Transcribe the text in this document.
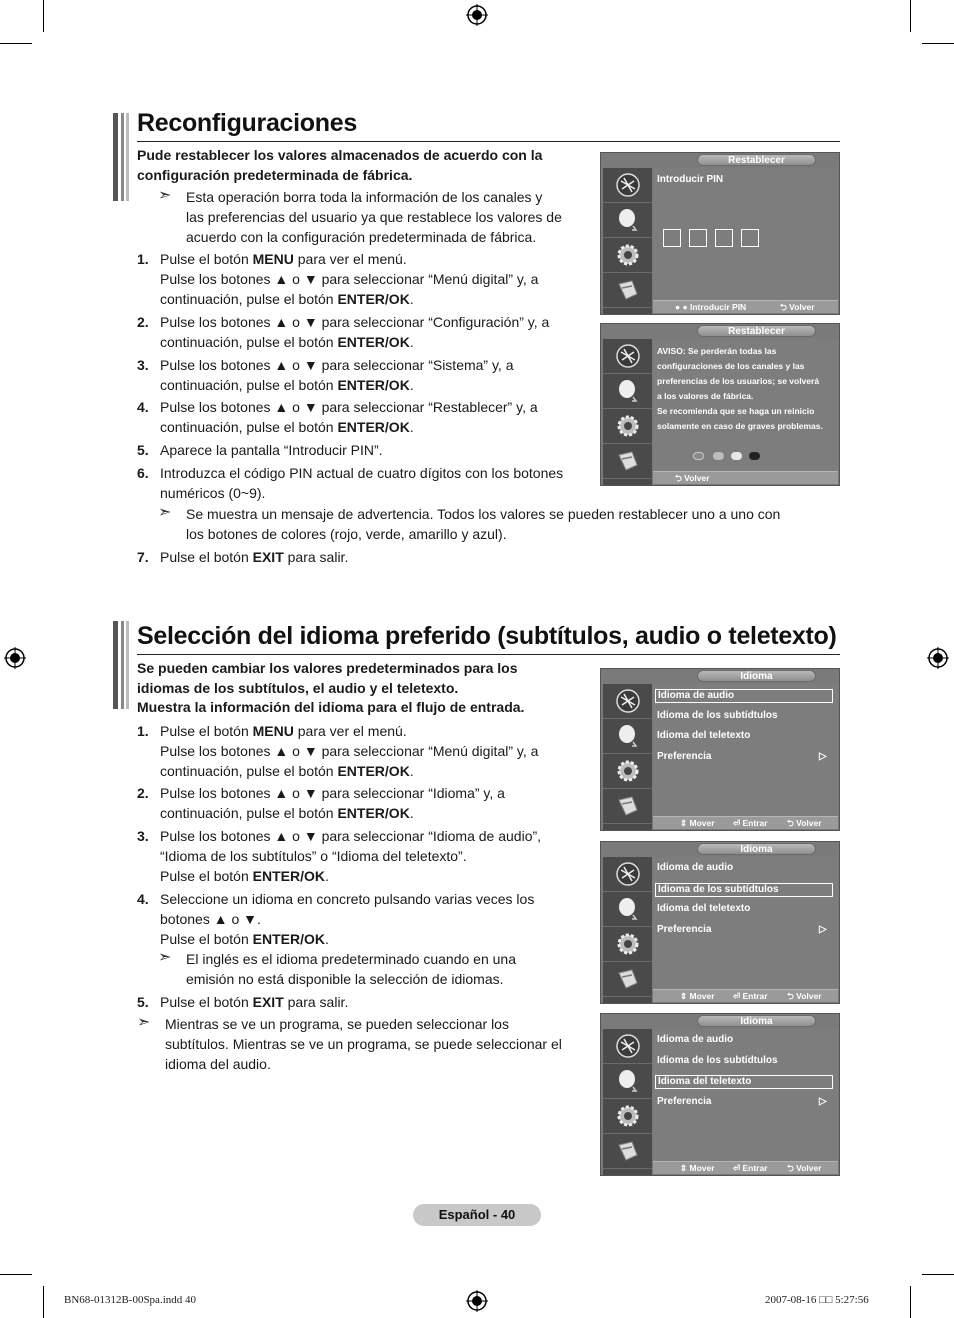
Reconfiguraciones
Pude restablecer los valores almacenados de acuerdo con la
configuración predeterminada de fábrica.
➣ Esta operación borra toda la información de los canales y
las preferencias del usuario ya que restablece los valores de
acuerdo con la configuración predeterminada de fábrica.
1. Pulse el botón MENU para ver el menú.
Pulse los botones ▲ o ▼ para seleccionar “Menú digital” y, a
continuación, pulse el botón ENTER/OK.
2. Pulse los botones ▲ o ▼ para seleccionar “Configuración” y, a
continuación, pulse el botón ENTER/OK.
3. Pulse los botones ▲ o ▼ para seleccionar “Sistema” y, a
continuación, pulse el botón ENTER/OK.
4. Pulse los botones ▲ o ▼ para seleccionar “Restablecer” y, a
continuación, pulse el botón ENTER/OK.
5. Aparece la pantalla “Introducir PIN”.
6. Introduzca el código PIN actual de cuatro dígitos con los botones
numéricos (0~9).
7. Pulse el botón EXIT para salir.
➣ Se muestra un mensaje de advertencia. Todos los valores se pueden restablecer uno a uno con
los botones de colores (rojo, verde, amarillo y azul).
Restablecer
Introducir PIN
● ● Introducir PIN	⮌ Volver
Restablecer
AVISO: Se perderán todas las
configuraciones de los canales y las
preferencias de los usuarios; se volverá
a los valores de fábrica.
Se recomienda que se haga un reinicio
solamente en caso de graves problemas.
⮌ Volver
Selección del idioma preferido (subtítulos, audio o teletexto)
Se pueden cambiar los valores predeterminados para los
idiomas de los subtítulos, el audio y el teletexto.
Muestra la información del idioma para el flujo de entrada.
1. Pulse el botón MENU para ver el menú.
Pulse los botones ▲ o ▼ para seleccionar “Menú digital” y, a
continuación, pulse el botón ENTER/OK.
2. Pulse los botones ▲ o ▼ para seleccionar “Idioma” y, a
continuación, pulse el botón ENTER/OK.
3. Pulse los botones ▲ o ▼ para seleccionar “Idioma de audio”,
“Idioma de los subtítulos” o “Idioma del teletexto”.
Pulse el botón ENTER/OK.
4. Seleccione un idioma en concreto pulsando varias veces los
botones ▲ o ▼.
Pulse el botón ENTER/OK.
5. Pulse el botón EXIT para salir.
➣ El inglés es el idioma predeterminado cuando en una
emisión no está disponible la selección de idiomas.
➣ Mientras se ve un programa, se pueden seleccionar los
subtítulos. Mientras se ve un programa, se puede seleccionar el
idioma del audio.
Idioma
Idioma de audio
Idioma de los subtídtulos
Idioma del teletexto
Preferencia	▷
⇕ Mover ⏎ Entrar ⮌ Volver
Idioma
Idioma de audio
Idioma de los subtídtulos
Idioma del teletexto
Preferencia	▷
⇕ Mover ⏎ Entrar ⮌ Volver
Idioma
Idioma de audio
Idioma de los subtídtulos
Idioma del teletexto
Preferencia	▷
⇕ Mover ⏎ Entrar ⮌ Volver
Español - 40
BN68-01312B-00Spa.indd 40	2007-08-16 □□ 5:27:56
